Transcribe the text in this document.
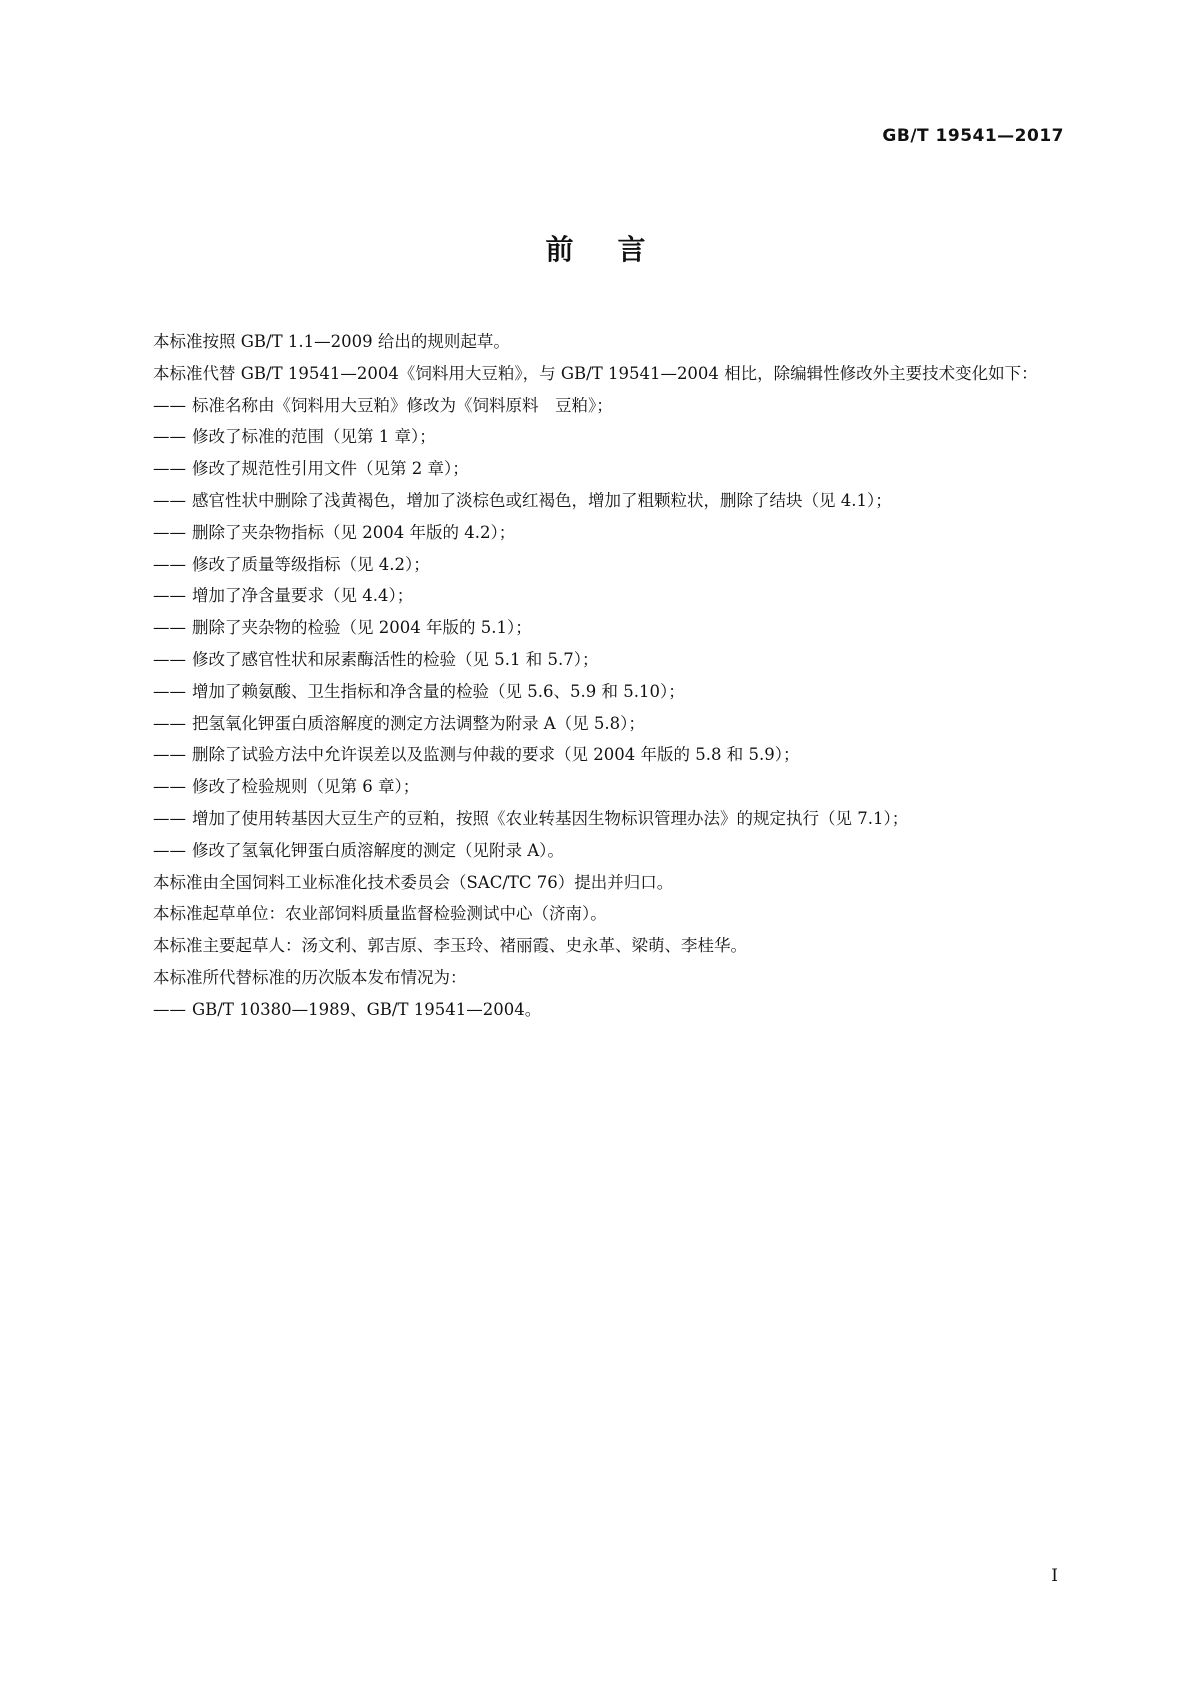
GB/T 19541—2017
前言

本标准按照 GB/T 1.1—2009 给出的规则起草。

本标准代替 GB/T 19541—2004《饲料用大豆粕》，与 GB/T 19541—2004 相比，除编辑性修改外主要技术变化如下：

—— 标准名称由《饲料用大豆粕》修改为《饲料原料　豆粕》；
—— 修改了标准的范围（见第 1 章）；
—— 修改了规范性引用文件（见第 2 章）；
—— 感官性状中删除了浅黄褐色，增加了淡棕色或红褐色，增加了粗颗粒状，删除了结块（见 4.1）；
—— 删除了夹杂物指标（见 2004 年版的 4.2）；
—— 修改了质量等级指标（见 4.2）；
—— 增加了净含量要求（见 4.4）；
—— 删除了夹杂物的检验（见 2004 年版的 5.1）；
—— 修改了感官性状和尿素酶活性的检验（见 5.1 和 5.7）；
—— 增加了赖氨酸、卫生指标和净含量的检验（见 5.6、5.9 和 5.10）；
—— 把氢氧化钾蛋白质溶解度的测定方法调整为附录 A（见 5.8）；
—— 删除了试验方法中允许误差以及监测与仲裁的要求（见 2004 年版的 5.8 和 5.9）；
—— 修改了检验规则（见第 6 章）；
—— 增加了使用转基因大豆生产的豆粕，按照《农业转基因生物标识管理办法》的规定执行（见 7.1）；
—— 修改了氢氧化钾蛋白质溶解度的测定（见附录 A）。

本标准由全国饲料工业标准化技术委员会（SAC/TC 76）提出并归口。

本标准起草单位：农业部饲料质量监督检验测试中心（济南）。

本标准主要起草人：汤文利、郭吉原、李玉玲、褚丽霞、史永革、梁萌、李桂华。

本标准所代替标准的历次版本发布情况为：

—— GB/T 10380—1989、GB/T 19541—2004。
I
